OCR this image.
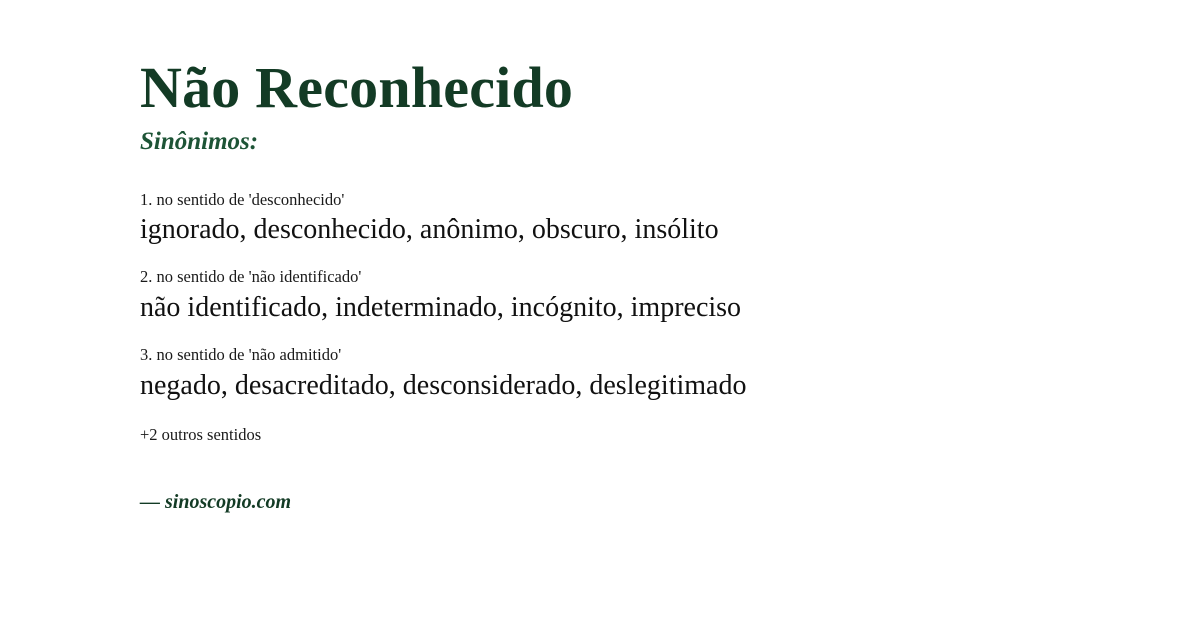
Não Reconhecido
Sinônimos:

1. no sentido de 'desconhecido'

ignorado, desconhecido, anônimo, obscuro, insólito

2. no sentido de 'não identificado'

não identificado, indeterminado, incógnito, impreciso

3. no sentido de 'não admitido'

negado, desacreditado, desconsiderado, deslegitimado

+2 outros sentidos

— sinoscopio.com
